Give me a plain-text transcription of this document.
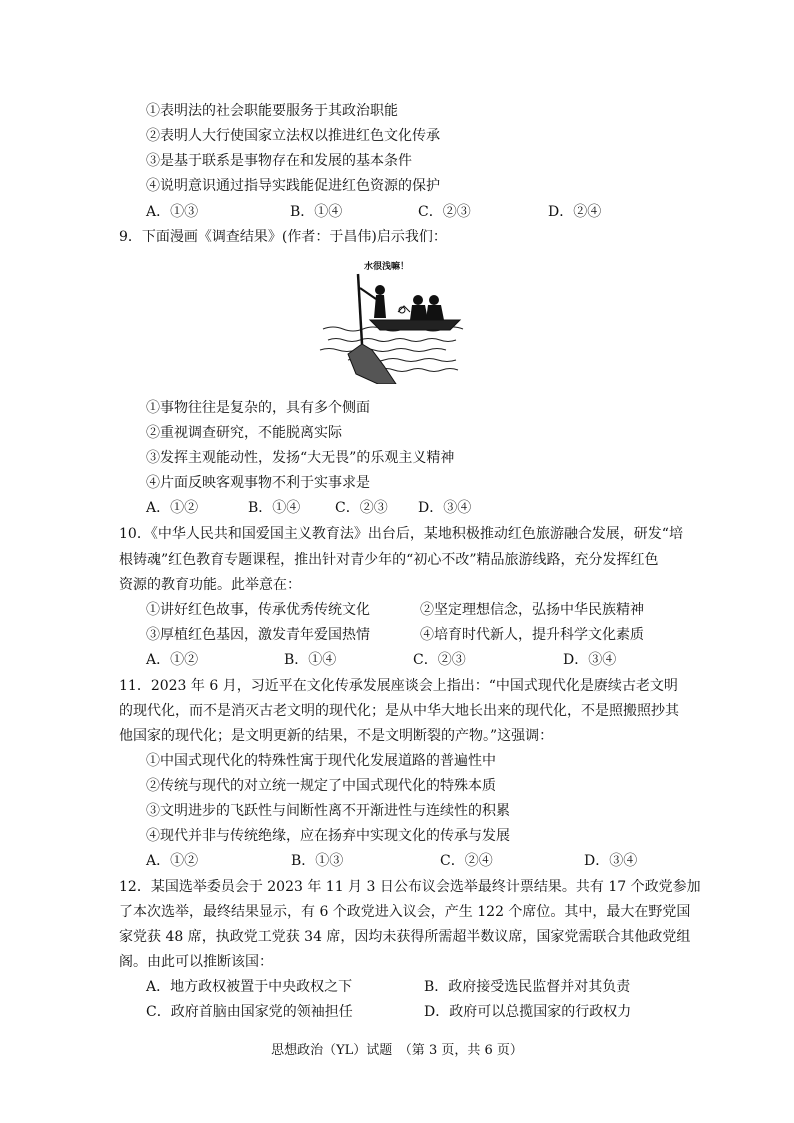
①表明法的社会职能要服务于其政治职能
②表明人大行使国家立法权以推进红色文化传承
③是基于联系是事物存在和发展的基本条件
④说明意识通过指导实践能促进红色资源的保护
A．①③	B．①④	C．②③	D．②④
9．下面漫画《调查结果》(作者：于昌伟)启示我们：
水很浅嘛！
①事物往往是复杂的，具有多个侧面
②重视调查研究，不能脱离实际
③发挥主观能动性，发扬“大无畏”的乐观主义精神
④片面反映客观事物不利于实事求是
A．①②	B．①④ C．②③ D．③④
10．《中华人民共和国爱国主义教育法》出台后，某地积极推动红色旅游融合发展，研发“培
根铸魂”红色教育专题课程，推出针对青少年的“初心不改”精品旅游线路，充分发挥红色
资源的教育功能。此举意在：
①讲好红色故事，传承优秀传统文化	②坚定理想信念，弘扬中华民族精神
③厚植红色基因，激发青年爱国热情	④培育时代新人，提升科学文化素质
A．①②	B．①④	C．②③	D．③④
11．2023 年 6 月，习近平在文化传承发展座谈会上指出：“中国式现代化是赓续古老文明
的现代化，而不是消灭古老文明的现代化；是从中华大地长出来的现代化，不是照搬照抄其
他国家的现代化；是文明更新的结果，不是文明断裂的产物。”这强调：
①中国式现代化的特殊性寓于现代化发展道路的普遍性中
②传统与现代的对立统一规定了中国式现代化的特殊本质
③文明进步的飞跃性与间断性离不开渐进性与连续性的积累
④现代并非与传统绝缘，应在扬弃中实现文化的传承与发展
A．①②	B．①③	C．②④	D．③④
12．某国选举委员会于 2023 年 11 月 3 日公布议会选举最终计票结果。共有 17 个政党参加
了本次选举，最终结果显示，有 6 个政党进入议会，产生 122 个席位。其中，最大在野党国
家党获 48 席，执政党工党获 34 席，因均未获得所需超半数议席，国家党需联合其他政党组
阁。由此可以推断该国：
A．地方政权被置于中央政权之下	B．政府接受选民监督并对其负责
C．政府首脑由国家党的领袖担任	D．政府可以总揽国家的行政权力
思想政治（YL）试题　（第 3 页，共 6 页）
